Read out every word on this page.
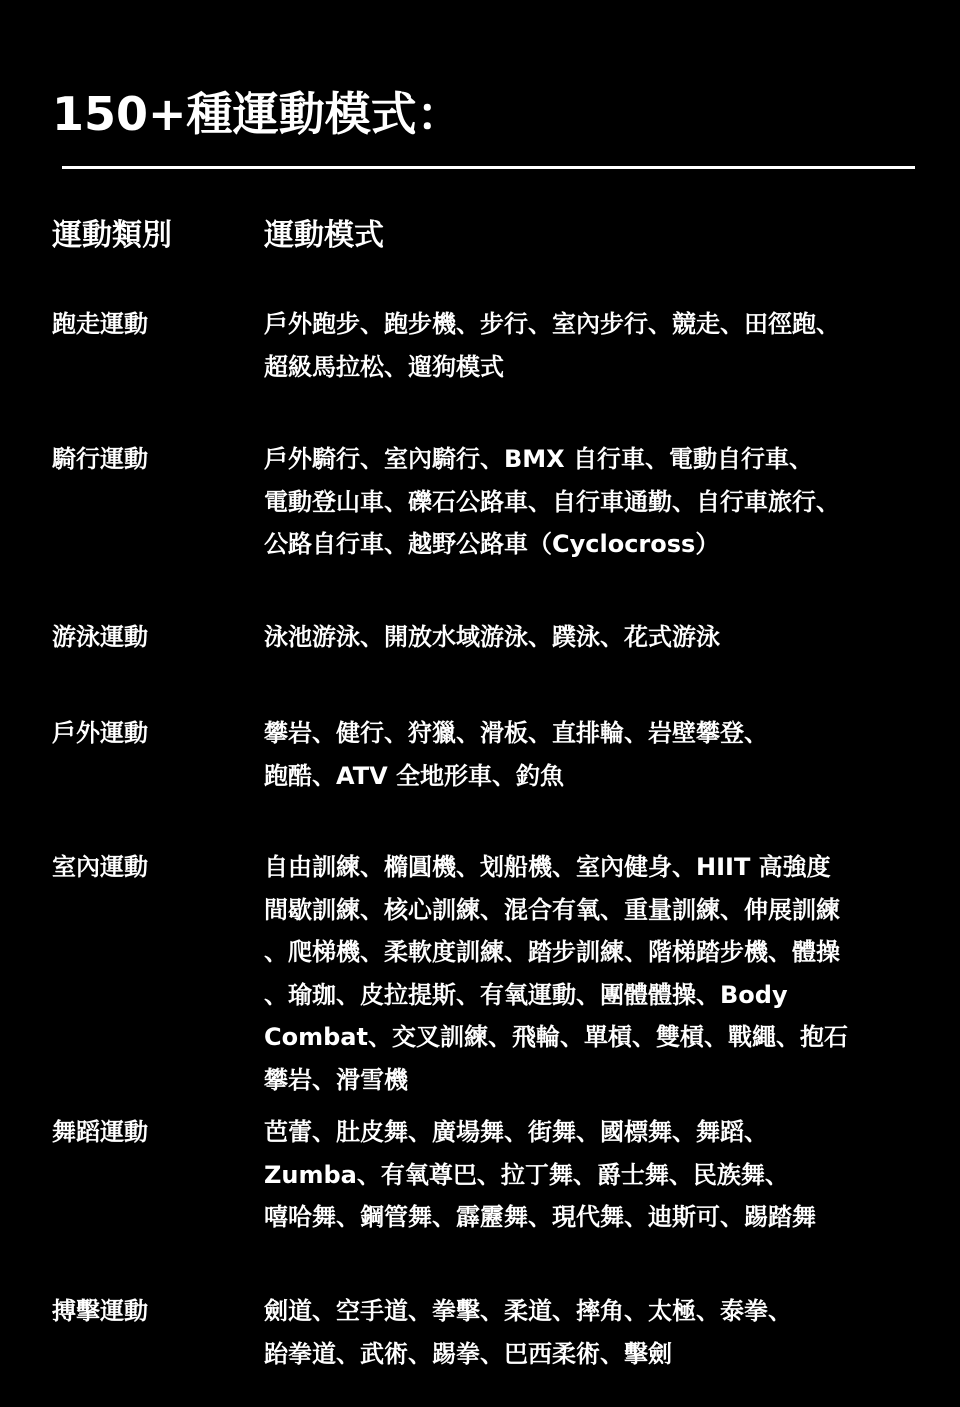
150+種運動模式：
運動類別	運動模式
跑走運動	戶外跑步、跑步機、步行、室內步行、競走、田徑跑、
超級馬拉松、遛狗模式
騎行運動	戶外騎行、室內騎行、BMX 自行車、電動自行車、
電動登山車、礫石公路車、自行車通勤、自行車旅行、
公路自行車、越野公路車（Cyclocross）
游泳運動	泳池游泳、開放水域游泳、蹼泳、花式游泳
戶外運動	攀岩、健行、狩獵、滑板、直排輪、岩壁攀登、
跑酷、ATV 全地形車、釣魚
室內運動	自由訓練、橢圓機、划船機、室內健身、HIIT 高強度
間歇訓練、核心訓練、混合有氧、重量訓練、伸展訓練
、爬梯機、柔軟度訓練、踏步訓練、階梯踏步機、體操
、瑜珈、皮拉提斯、有氧運動、團體體操、Body
Combat、交叉訓練、飛輪、單槓、雙槓、戰繩、抱石
攀岩、滑雪機
舞蹈運動	芭蕾、肚皮舞、廣場舞、街舞、國標舞、舞蹈、
Zumba、有氧尊巴、拉丁舞、爵士舞、民族舞、
嘻哈舞、鋼管舞、霹靂舞、現代舞、迪斯可、踢踏舞
搏擊運動	劍道、空手道、拳擊、柔道、摔角、太極、泰拳、
跆拳道、武術、踢拳、巴西柔術、擊劍
